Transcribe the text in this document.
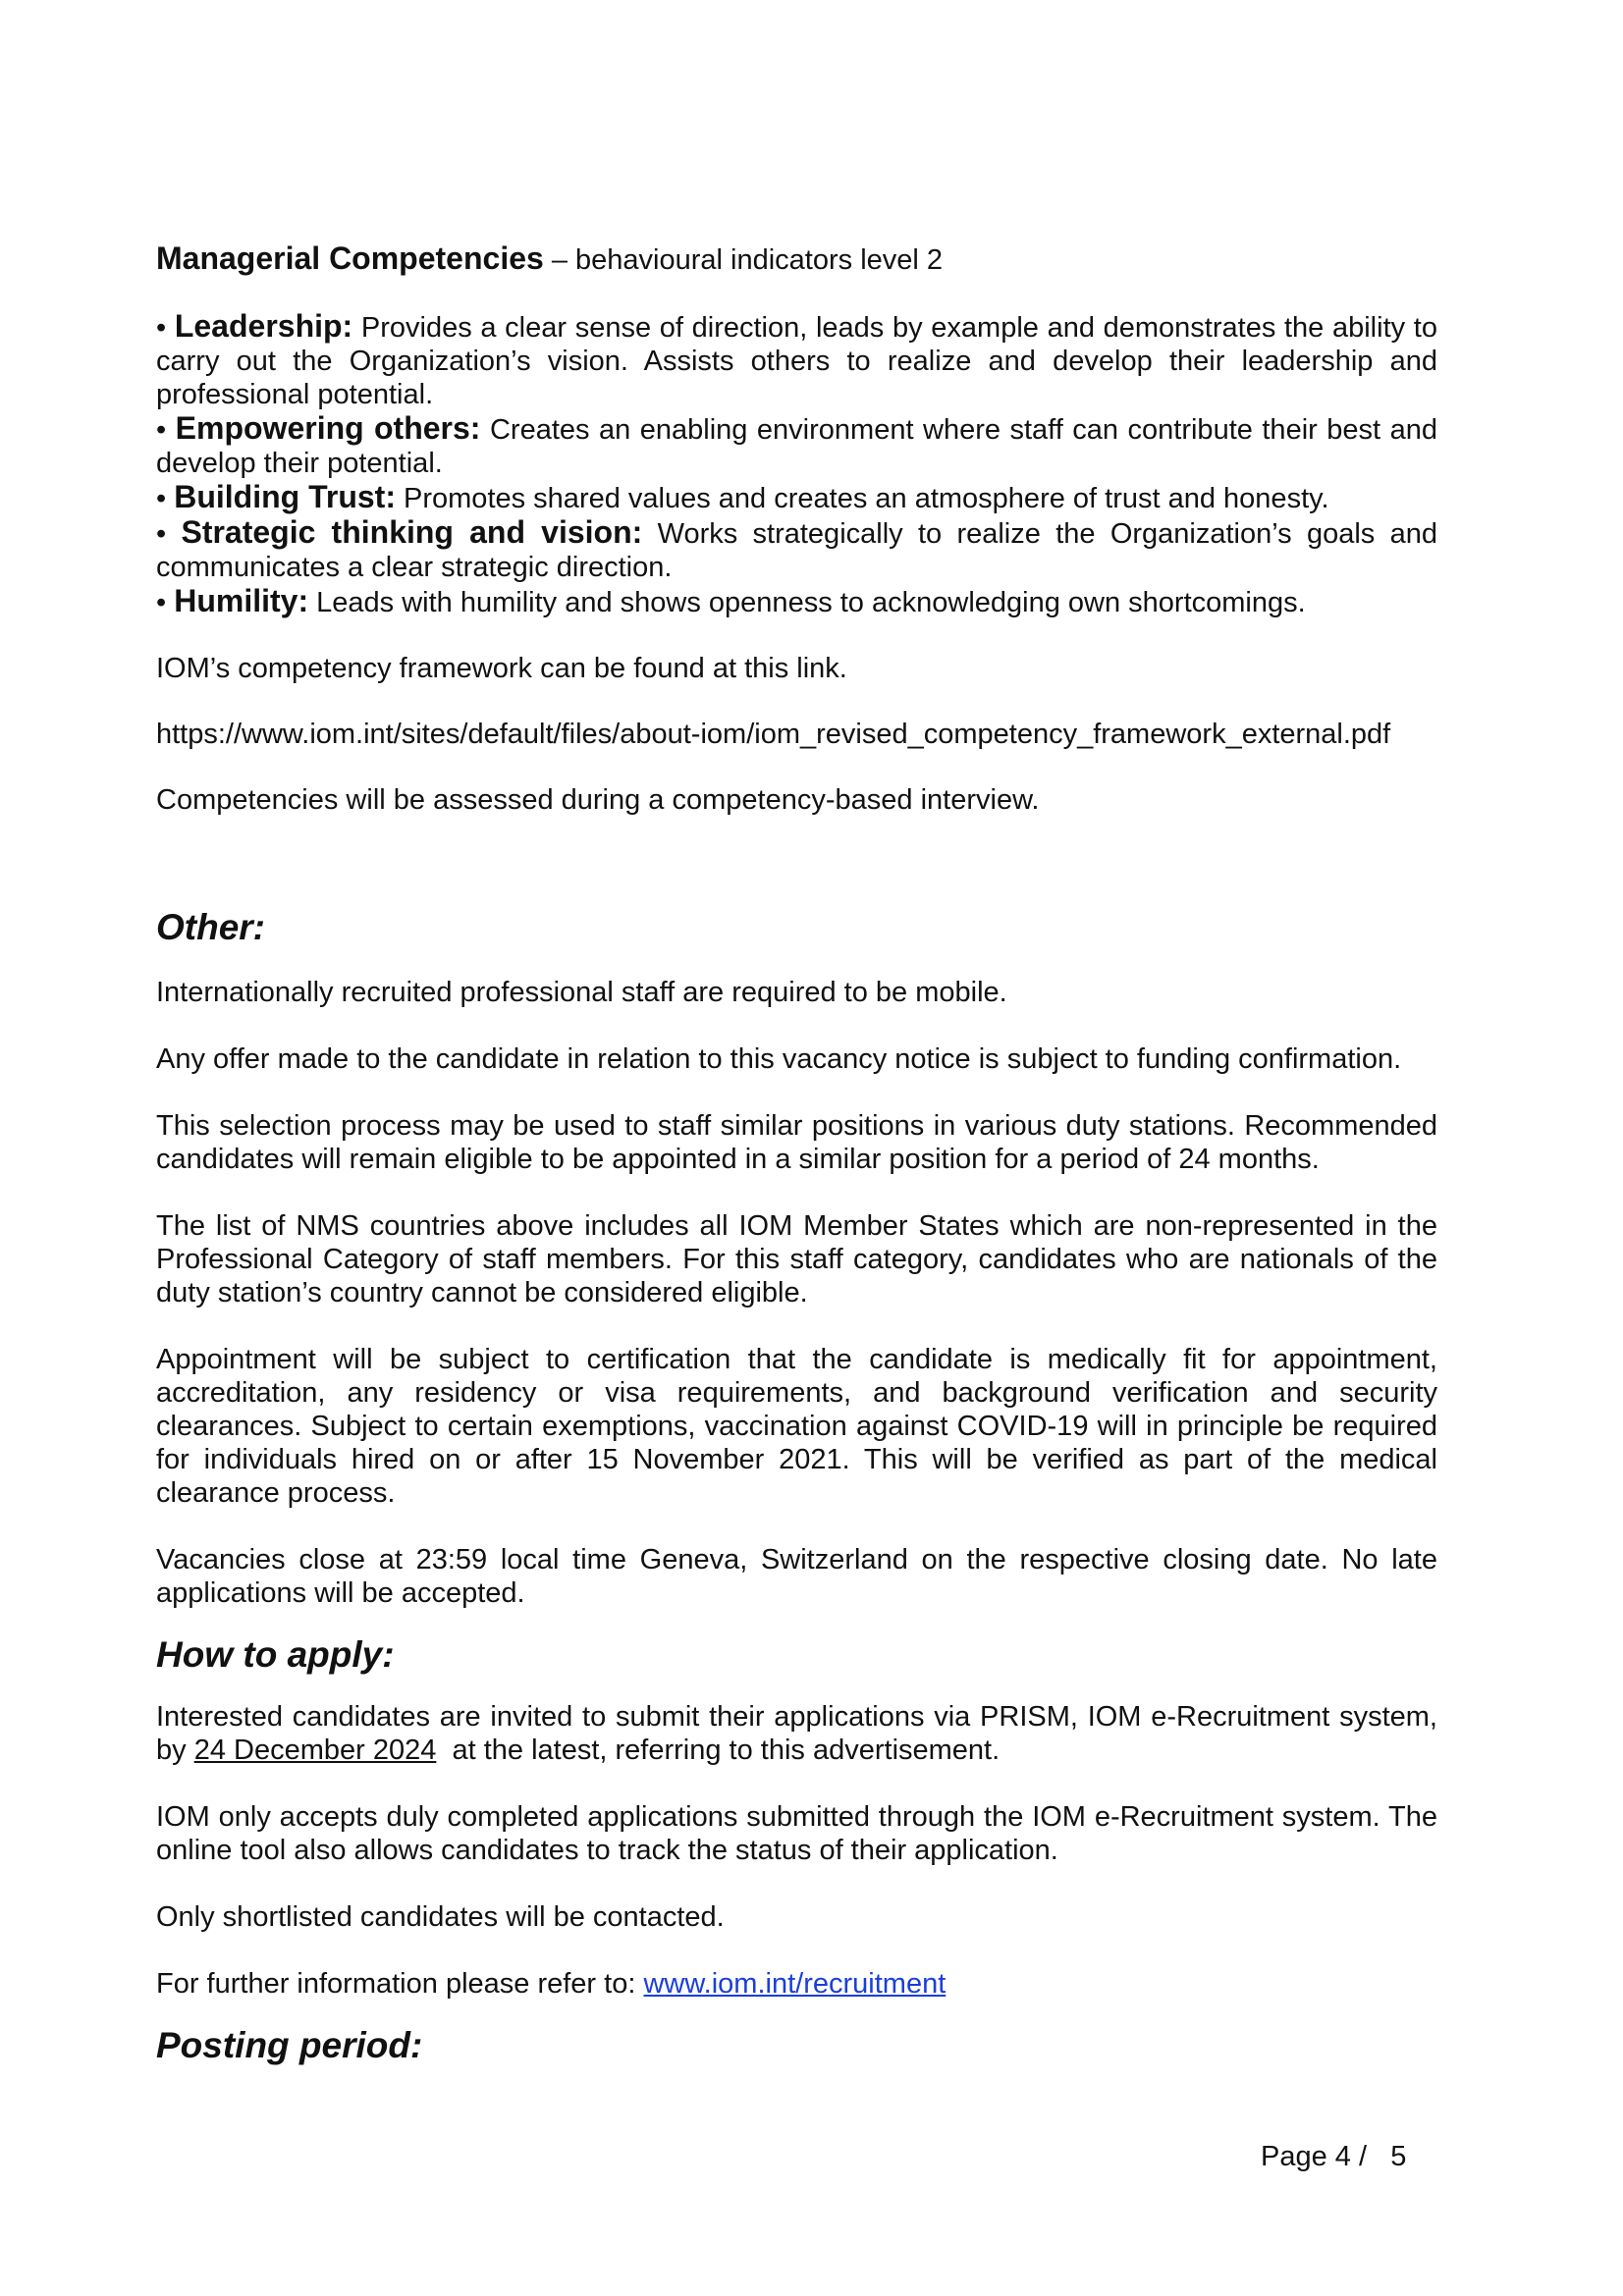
Managerial Competencies – behavioural indicators level 2

• Leadership: Provides a clear sense of direction, leads by example and demonstrates the ability to carry out the Organization’s vision. Assists others to realize and develop their leadership and professional potential.

• Empowering others: Creates an enabling environment where staff can contribute their best and develop their potential.

• Building Trust: Promotes shared values and creates an atmosphere of trust and honesty.

• Strategic thinking and vision: Works strategically to realize the Organization’s goals and communicates a clear strategic direction.

• Humility: Leads with humility and shows openness to acknowledging own shortcomings.

IOM’s competency framework can be found at this link.

https://www.iom.int/sites/default/files/about-iom/iom_revised_competency_framework_external.pdf

Competencies will be assessed during a competency-based interview.

Other:

Internationally recruited professional staff are required to be mobile.

Any offer made to the candidate in relation to this vacancy notice is subject to funding confirmation.

This selection process may be used to staff similar positions in various duty stations. Recommended candidates will remain eligible to be appointed in a similar position for a period of 24 months.

The list of NMS countries above includes all IOM Member States which are non-represented in the Professional Category of staff members. For this staff category, candidates who are nationals of the duty station’s country cannot be considered eligible.

Appointment will be subject to certification that the candidate is medically fit for appointment, accreditation, any residency or visa requirements, and background verification and security clearances. Subject to certain exemptions, vaccination against COVID-19 will in principle be required for individuals hired on or after 15 November 2021. This will be verified as part of the medical clearance process.

Vacancies close at 23:59 local time Geneva, Switzerland on the respective closing date. No late applications will be accepted.

How to apply:

Interested candidates are invited to submit their applications via PRISM, IOM e-Recruitment system, by 24 December 2024  at the latest, referring to this advertisement.

IOM only accepts duly completed applications submitted through the IOM e-Recruitment system. The online tool also allows candidates to track the status of their application.

Only shortlisted candidates will be contacted.

For further information please refer to: www.iom.int/recruitment

Posting period:
Page 4 / 5
